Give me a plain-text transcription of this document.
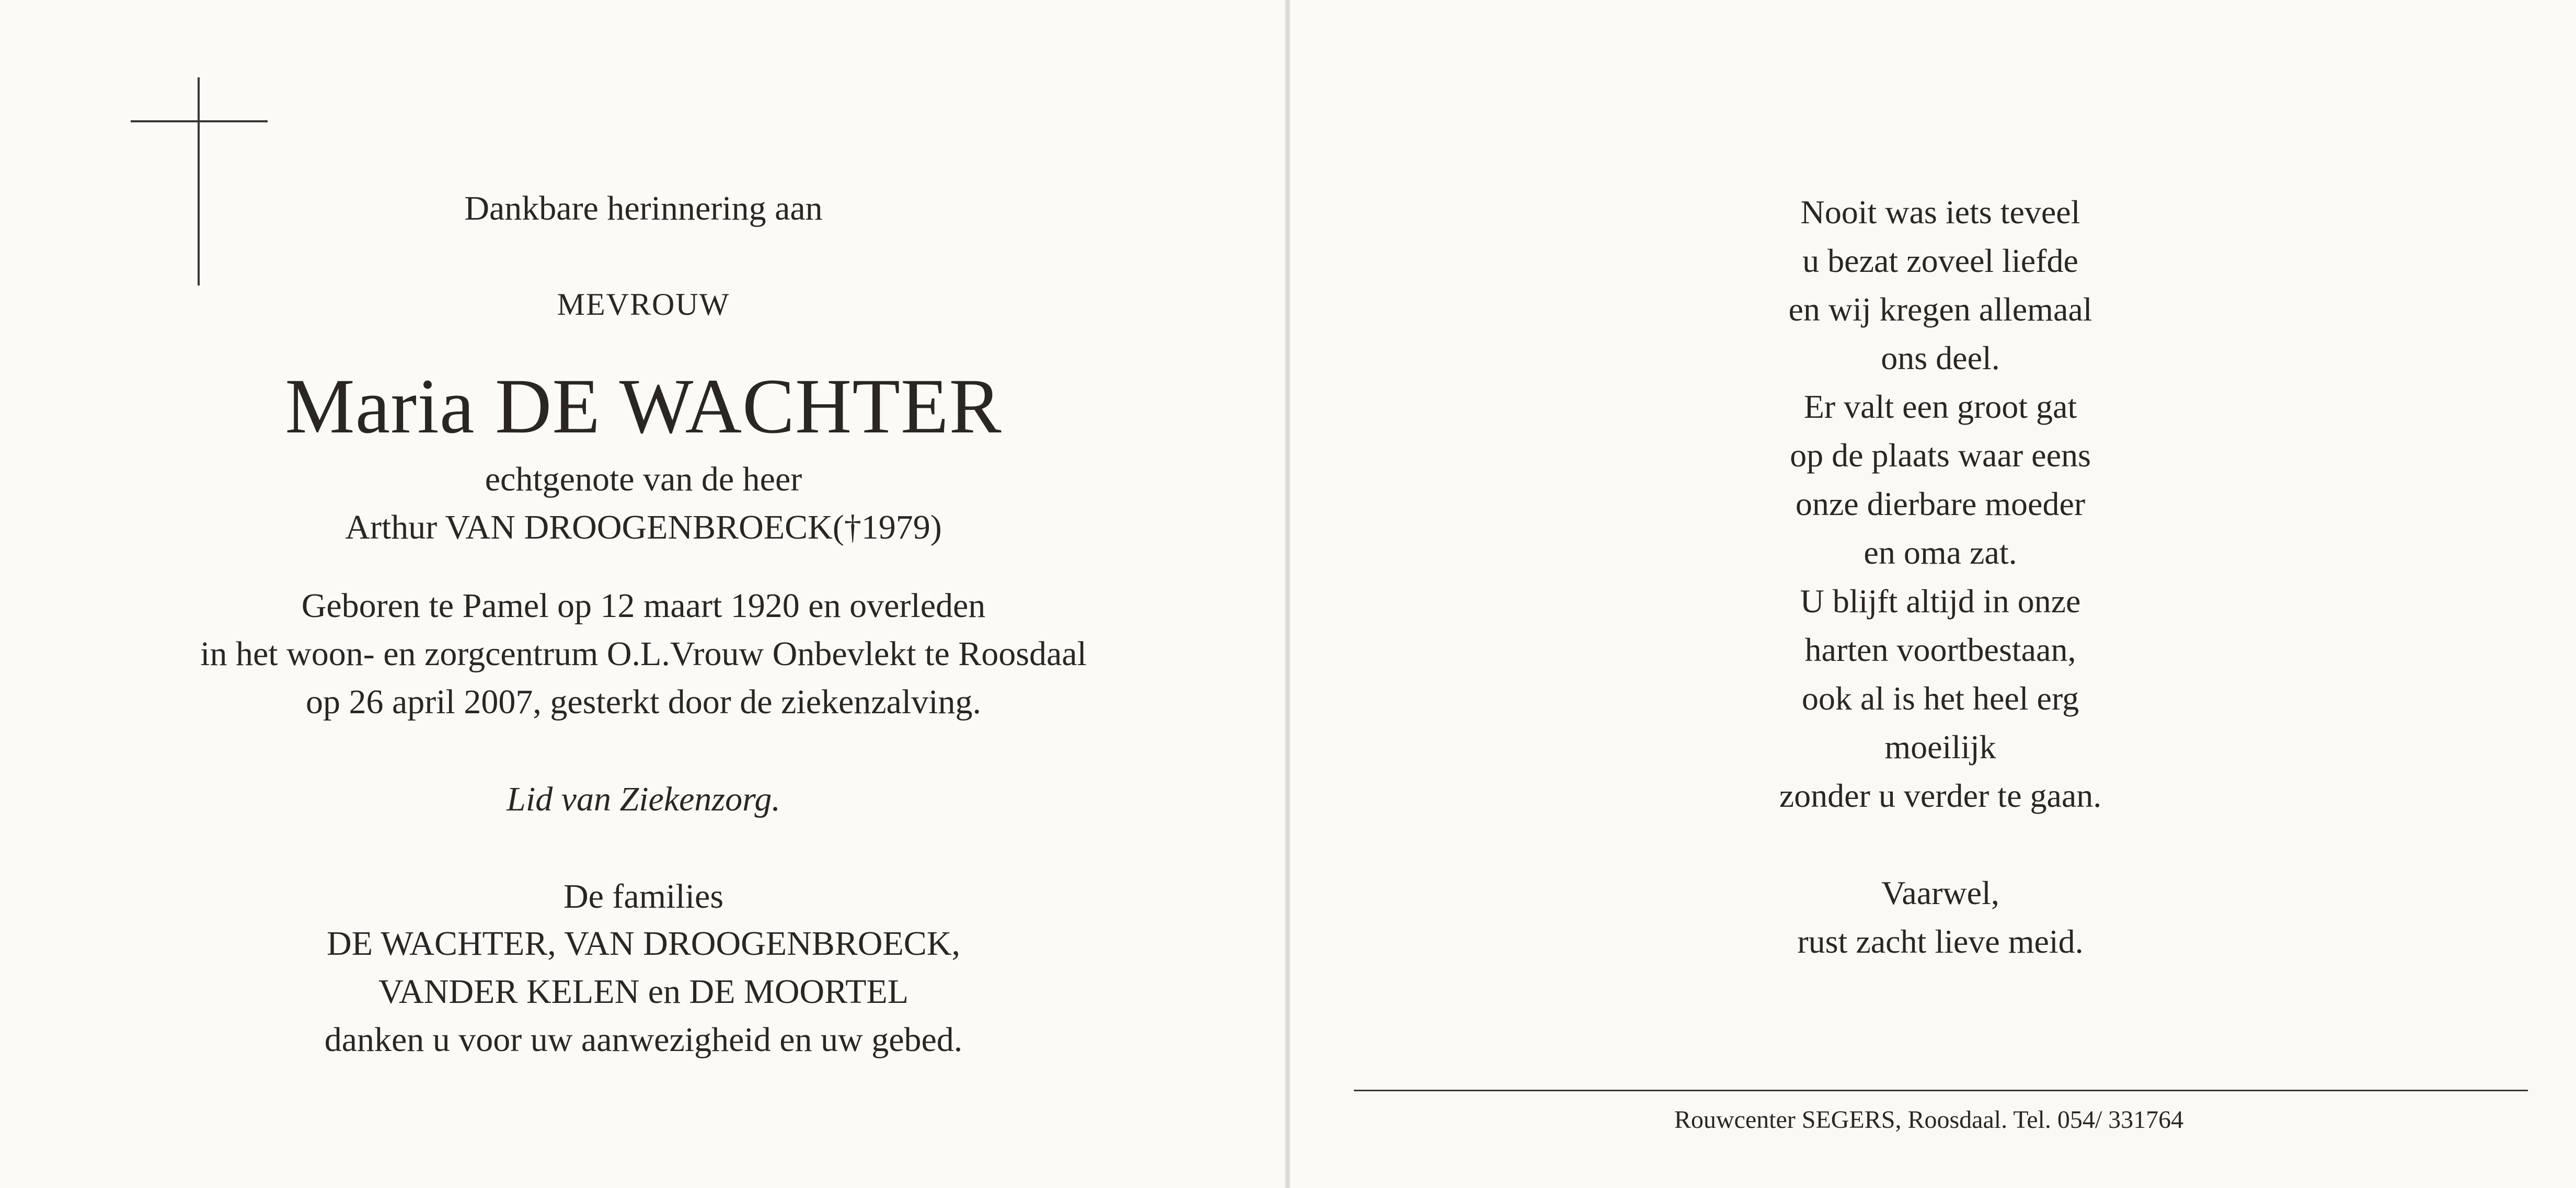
Dankbare herinnering aan
MEVROUW
Maria DE WACHTER
echtgenote van de heer
Arthur VAN DROOGENBROECK(†1979)
Geboren te Pamel op 12 maart 1920 en overleden
in het woon- en zorgcentrum O.L.Vrouw Onbevlekt te Roosdaal
op 26 april 2007, gesterkt door de ziekenzalving.
Lid van Ziekenzorg.
De families
DE WACHTER, VAN DROOGENBROECK,
VANDER KELEN en DE MOORTEL
danken u voor uw aanwezigheid en uw gebed.
Nooit was iets teveel
u bezat zoveel liefde
en wij kregen allemaal
ons deel.
Er valt een groot gat
op de plaats waar eens
onze dierbare moeder
en oma zat.
U blijft altijd in onze
harten voortbestaan,
ook al is het heel erg
moeilijk
zonder u verder te gaan.
Vaarwel,
rust zacht lieve meid.
Rouwcenter SEGERS, Roosdaal. Tel. 054/ 331764
